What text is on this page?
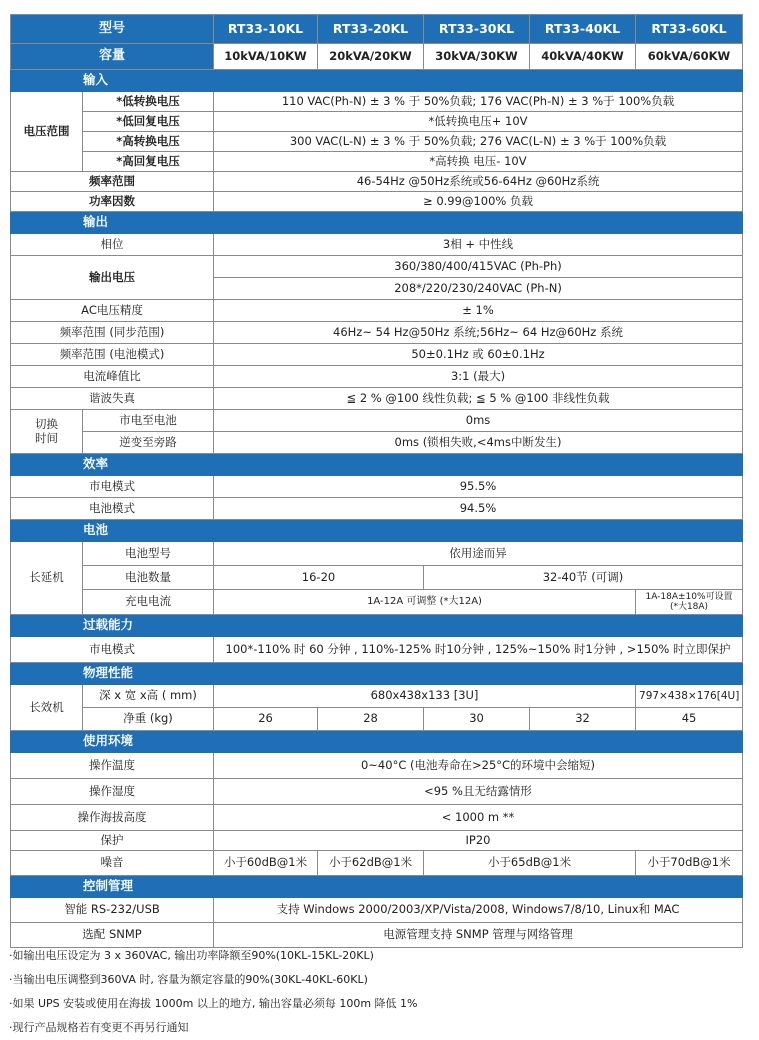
型号		RT33-10KL	RT33-20KL	RT33-30KL	RT33-40KL	RT33-60KL
容量		10kVA/10KW	20kVA/20KW	30kVA/30KW	40kVA/40KW	60kVA/60KW
输入						
电压范围	*低转换电压	110 VAC(Ph-N) ± 3 % 于 50%负载; 176 VAC(Ph-N) ± 3 %于 100%负载				
	*低回复电压	*低转换电压+ 10V				
	*高转换电压	300 VAC(L-N) ± 3 % 于 50%负载; 276 VAC(L-N) ± 3 %于 100%负载				
	*高回复电压	*高转换 电压- 10V				
频率范围		46-54Hz @50Hz系统或56-64Hz @60Hz系统				
功率因数		≥ 0.99@100% 负载				
输出						
相位		3相 + 中性线				
输出电压		360/380/400/415VAC (Ph-Ph)				
		208*/220/230/240VAC (Ph-N)				
AC电压精度		± 1%				
频率范围 (同步范围)		46Hz~ 54 Hz@50Hz 系统;56Hz~ 64 Hz@60Hz 系统				
频率范围 (电池模式)		50±0.1Hz 或 60±0.1Hz				
电流峰值比		3:1 (最大)				
谐波失真		≦ 2 % @100 线性负载; ≦ 5 % @100 非线性负载				
切换
时间	市电至电池	0ms				
	逆变至旁路	0ms (锁相失败,<4ms中断发生)				
效率						
市电模式		95.5%				
电池模式		94.5%				
电池						
长延机	电池型号	依用途而异				
	电池数量	16-20		32-40节 (可调)		
	充电电流	1A-12A 可调整 (*大12A)				1A-18A±10%可设置
(*大18A)
过载能力						
市电模式		100*-110% 时 60 分钟 , 110%-125% 时10分钟 , 125%~150% 时1分钟 , >150% 时立即保护				
物理性能						
长效机	深 x 宽 x高 ( mm)	680x438x133 [3U]				797×438×176[4U]
	净重 (kg)	26	28	30	32	45
使用环境						
操作温度		0~40°C (电池寿命在>25°C的环境中会缩短)				
操作湿度		<95 %且无结露情形				
操作海拔高度		< 1000 m **				
保护		IP20				
噪音		小于60dB@1米	小于62dB@1米	小于65dB@1米		小于70dB@1米
控制管理						
智能 RS-232/USB		支持 Windows 2000/2003/XP/Vista/2008, Windows7/8/10, Linux和 MAC				
选配 SNMP		电源管理支持 SNMP 管理与网络管理				
·如输出电压设定为 3 x 360VAC, 输出功率降额至90%(10KL-15KL-20KL)
·当输出电压调整到360VA 时, 容量为额定容量的90%(30KL-40KL-60KL)
·如果 UPS 安装或使用在海拔 1000m 以上的地方, 输出容量必须每 100m 降低 1%
·现行产品规格若有变更不再另行通知
